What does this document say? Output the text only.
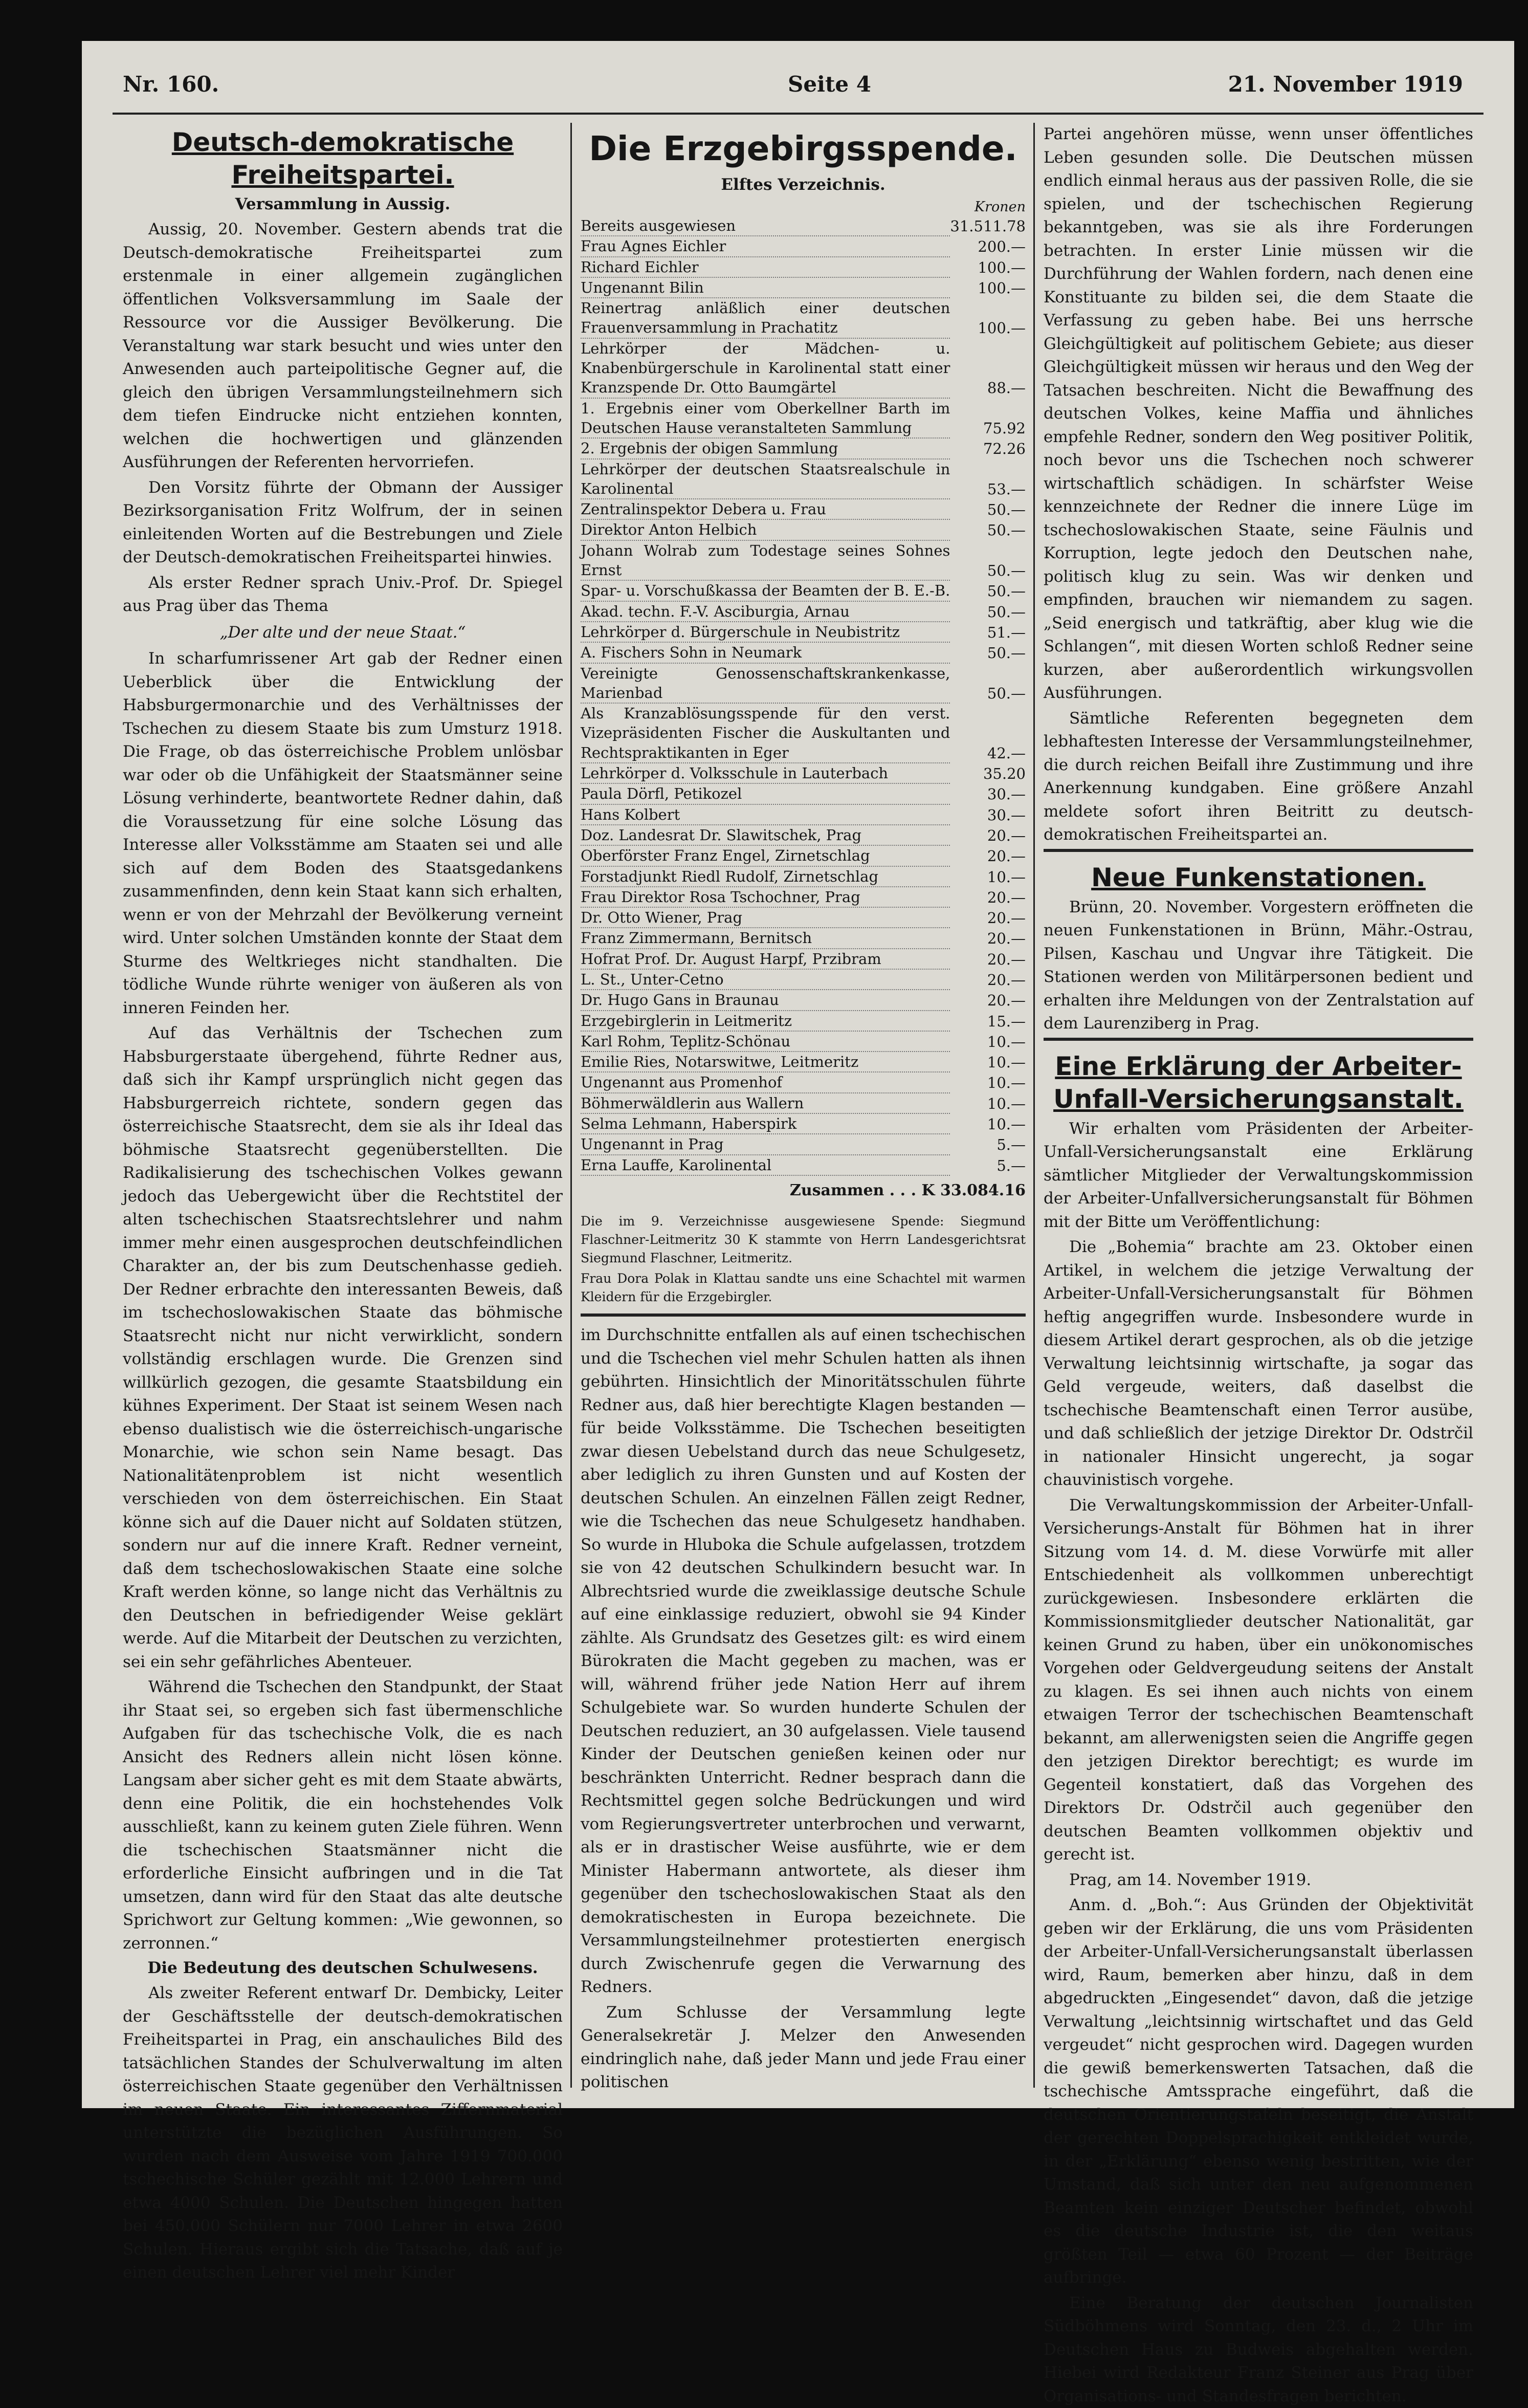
Nr. 160.	Seite 4	21. November 1919
Deutsch-demokratische Freiheitspartei.
Versammlung in Aussig.

Aussig, 20. November. Gestern abends trat die Deutsch-demokratische Freiheitspartei zum erstenmale in einer allgemein zugänglichen öffentlichen Volksversammlung im Saale der Ressource vor die Aussiger Bevölkerung. Die Veranstaltung war stark besucht und wies unter den Anwesenden auch parteipolitische Gegner auf, die gleich den übrigen Versammlungsteilnehmern sich dem tiefen Eindrucke nicht entziehen konnten, welchen die hochwertigen und glänzenden Ausführungen der Referenten hervorriefen.

Den Vorsitz führte der Obmann der Aussiger Bezirksorganisation Fritz Wolfrum, der in seinen einleitenden Worten auf die Bestrebungen und Ziele der Deutsch-demokratischen Freiheitspartei hinwies.

Als erster Redner sprach Univ.-Prof. Dr. Spiegel aus Prag über das Thema

„Der alte und der neue Staat.“

In scharfumrissener Art gab der Redner einen Ueberblick über die Entwicklung der Habsburgermonarchie und des Verhältnisses der Tschechen zu diesem Staate bis zum Umsturz 1918. Die Frage, ob das österreichische Problem unlösbar war oder ob die Unfähigkeit der Staatsmänner seine Lösung verhinderte, beantwortete Redner dahin, daß die Voraussetzung für eine solche Lösung das Interesse aller Volksstämme am Staaten sei und alle sich auf dem Boden des Staatsgedankens zusammenfinden, denn kein Staat kann sich erhalten, wenn er von der Mehrzahl der Bevölkerung verneint wird. Unter solchen Umständen konnte der Staat dem Sturme des Weltkrieges nicht standhalten. Die tödliche Wunde rührte weniger von äußeren als von inneren Feinden her.

Auf das Verhältnis der Tschechen zum Habsburgerstaate übergehend, führte Redner aus, daß sich ihr Kampf ursprünglich nicht gegen das Habsburgerreich richtete, sondern gegen das österreichische Staatsrecht, dem sie als ihr Ideal das böhmische Staatsrecht gegenüberstellten. Die Radikalisierung des tschechischen Volkes gewann jedoch das Uebergewicht über die Rechtstitel der alten tschechischen Staatsrechtslehrer und nahm immer mehr einen ausgesprochen deutschfeindlichen Charakter an, der bis zum Deutschenhasse gedieh. Der Redner erbrachte den interessanten Beweis, daß im tschechoslowakischen Staate das böhmische Staatsrecht nicht nur nicht verwirklicht, sondern vollständig erschlagen wurde. Die Grenzen sind willkürlich gezogen, die gesamte Staatsbildung ein kühnes Experiment. Der Staat ist seinem Wesen nach ebenso dualistisch wie die österreichisch-ungarische Monarchie, wie schon sein Name besagt. Das Nationalitätenproblem ist nicht wesentlich verschieden von dem österreichischen. Ein Staat könne sich auf die Dauer nicht auf Soldaten stützen, sondern nur auf die innere Kraft. Redner verneint, daß dem tschechoslowakischen Staate eine solche Kraft werden könne, so lange nicht das Verhältnis zu den Deutschen in befriedigender Weise geklärt werde. Auf die Mitarbeit der Deutschen zu verzichten, sei ein sehr gefährliches Abenteuer.

Während die Tschechen den Standpunkt, der Staat ihr Staat sei, so ergeben sich fast übermenschliche Aufgaben für das tschechische Volk, die es nach Ansicht des Redners allein nicht lösen könne. Langsam aber sicher geht es mit dem Staate abwärts, denn eine Politik, die ein hochstehendes Volk ausschließt, kann zu keinem guten Ziele führen. Wenn die tschechischen Staatsmänner nicht die erforderliche Einsicht aufbringen und in die Tat umsetzen, dann wird für den Staat das alte deutsche Sprichwort zur Geltung kommen: „Wie gewonnen, so zerronnen.“

Die Bedeutung des deutschen Schulwesens.

Als zweiter Referent entwarf Dr. Dembicky, Leiter der Geschäftsstelle der deutsch-demokratischen Freiheitspartei in Prag, ein anschauliches Bild des tatsächlichen Standes der Schulverwaltung im alten österreichischen Staate gegenüber den Verhältnissen im neuen Staate. Ein interessantes Ziffernmaterial unterstützte die bezüglichen Ausführungen. So wurden nach dem Ausweise vom Jahre 1919 700.000 tschechische Schüler gezählt mit 12.000 Lehrern und etwa 4000 Schulen. Die Deutschen hingegen hatten bei 450.000 Schülern nur 7000 Lehrer in etwa 2600 Schulen. Hieraus ergibt sich die Tatsache, daß auf je einen deutschen Lehrer viel mehr Kinder

Die Erzgebirgsspende.
Elftes Verzeichnis.
Kronen
Bereits ausgewiesen	31.511.78
Frau Agnes Eichler	200.—
Richard Eichler	100.—
Ungenannt Bilin	100.—
Reinertrag anläßlich einer deutschen Frauenversammlung in Prachatitz	100.—
Lehrkörper der Mädchen- u. Knabenbürgerschule in Karolinental statt einer Kranzspende Dr. Otto Baumgärtel	88.—
1. Ergebnis einer vom Oberkellner Barth im Deutschen Hause veranstalteten Sammlung	75.92
2. Ergebnis der obigen Sammlung	72.26
Lehrkörper der deutschen Staatsrealschule in Karolinental	53.—
Zentralinspektor Debera u. Frau	50.—
Direktor Anton Helbich	50.—
Johann Wolrab zum Todestage seines Sohnes Ernst	50.—
Spar- u. Vorschußkassa der Beamten der B. E.-B.	50.—
Akad. techn. F.-V. Asciburgia, Arnau	50.—
Lehrkörper d. Bürgerschule in Neubistritz	51.—
A. Fischers Sohn in Neumark	50.—
Vereinigte Genossenschaftskrankenkasse, Marienbad	50.—
Als Kranzablösungsspende für den verst. Vizepräsidenten Fischer die Auskultanten und Rechtspraktikanten in Eger	42.—
Lehrkörper d. Volksschule in Lauterbach	35.20
Paula Dörfl, Petikozel	30.—
Hans Kolbert	30.—
Doz. Landesrat Dr. Slawitschek, Prag	20.—
Oberförster Franz Engel, Zirnetschlag	20.—
Forstadjunkt Riedl Rudolf, Zirnetschlag	10.—
Frau Direktor Rosa Tschochner, Prag	20.—
Dr. Otto Wiener, Prag	20.—
Franz Zimmermann, Bernitsch	20.—
Hofrat Prof. Dr. August Harpf, Przibram	20.—
L. St., Unter-Cetno	20.—
Dr. Hugo Gans in Braunau	20.—
Erzgebirglerin in Leitmeritz	15.—
Karl Rohm, Teplitz-Schönau	10.—
Emilie Ries, Notarswitwe, Leitmeritz	10.—
Ungenannt aus Promenhof	10.—
Böhmerwäldlerin aus Wallern	10.—
Selma Lehmann, Haberspirk	10.—
Ungenannt in Prag	5.—
Erna Lauffe, Karolinental	5.—
Zusammen . . . K 33.084.16
Die im 9. Verzeichnisse ausgewiesene Spende: Siegmund Flaschner-Leitmeritz 30 K stammte von Herrn Landesgerichtsrat Siegmund Flaschner, Leitmeritz.
Frau Dora Polak in Klattau sandte uns eine Schachtel mit warmen Kleidern für die Erzgebirgler.

im Durchschnitte entfallen als auf einen tschechischen und die Tschechen viel mehr Schulen hatten als ihnen gebührten. Hinsichtlich der Minoritätsschulen führte Redner aus, daß hier berechtigte Klagen bestanden — für beide Volksstämme. Die Tschechen beseitigten zwar diesen Uebelstand durch das neue Schulgesetz, aber lediglich zu ihren Gunsten und auf Kosten der deutschen Schulen. An einzelnen Fällen zeigt Redner, wie die Tschechen das neue Schulgesetz handhaben. So wurde in Hluboka die Schule aufgelassen, trotzdem sie von 42 deutschen Schulkindern besucht war. In Albrechtsried wurde die zweiklassige deutsche Schule auf eine einklassige reduziert, obwohl sie 94 Kinder zählte. Als Grundsatz des Gesetzes gilt: es wird einem Bürokraten die Macht gegeben zu machen, was er will, während früher jede Nation Herr auf ihrem Schulgebiete war. So wurden hunderte Schulen der Deutschen reduziert, an 30 aufgelassen. Viele tausend Kinder der Deutschen genießen keinen oder nur beschränkten Unterricht. Redner besprach dann die Rechtsmittel gegen solche Bedrückungen und wird vom Regierungsvertreter unterbrochen und verwarnt, als er in drastischer Weise ausführte, wie er dem Minister Habermann antwortete, als dieser ihm gegenüber den tschechoslowakischen Staat als den demokratischesten in Europa bezeichnete. Die Versammlungsteilnehmer protestierten energisch durch Zwischenrufe gegen die Verwarnung des Redners.

Zum Schlusse der Versammlung legte Generalsekretär J. Melzer den Anwesenden eindringlich nahe, daß jeder Mann und jede Frau einer politischen

Partei angehören müsse, wenn unser öffentliches Leben gesunden solle. Die Deutschen müssen endlich einmal heraus aus der passiven Rolle, die sie spielen, und der tschechischen Regierung bekanntgeben, was sie als ihre Forderungen betrachten. In erster Linie müssen wir die Durchführung der Wahlen fordern, nach denen eine Konstituante zu bilden sei, die dem Staate die Verfassung zu geben habe. Bei uns herrsche Gleichgültigkeit auf politischem Gebiete; aus dieser Gleichgültigkeit müssen wir heraus und den Weg der Tatsachen beschreiten. Nicht die Bewaffnung des deutschen Volkes, keine Maffia und ähnliches empfehle Redner, sondern den Weg positiver Politik, noch bevor uns die Tschechen noch schwerer wirtschaftlich schädigen. In schärfster Weise kennzeichnete der Redner die innere Lüge im tschechoslowakischen Staate, seine Fäulnis und Korruption, legte jedoch den Deutschen nahe, politisch klug zu sein. Was wir denken und empfinden, brauchen wir niemandem zu sagen. „Seid energisch und tatkräftig, aber klug wie die Schlangen“, mit diesen Worten schloß Redner seine kurzen, aber außerordentlich wirkungsvollen Ausführungen.

Sämtliche Referenten begegneten dem lebhaftesten Interesse der Versammlungsteilnehmer, die durch reichen Beifall ihre Zustimmung und ihre Anerkennung kundgaben. Eine größere Anzahl meldete sofort ihren Beitritt zu deutsch-demokratischen Freiheitspartei an.

Neue Funkenstationen.

Brünn, 20. November. Vorgestern eröffneten die neuen Funkenstationen in Brünn, Mähr.-Ostrau, Pilsen, Kaschau und Ungvar ihre Tätigkeit. Die Stationen werden von Militärpersonen bedient und erhalten ihre Meldungen von der Zentralstation auf dem Laurenziberg in Prag.

Eine Erklärung der Arbeiter-Unfall-Versicherungsanstalt.

Wir erhalten vom Präsidenten der Arbeiter-Unfall-Versicherungsanstalt eine Erklärung sämtlicher Mitglieder der Verwaltungskommission der Arbeiter-Unfallversicherungsanstalt für Böhmen mit der Bitte um Veröffentlichung:

Die „Bohemia“ brachte am 23. Oktober einen Artikel, in welchem die jetzige Verwaltung der Arbeiter-Unfall-Versicherungsanstalt für Böhmen heftig angegriffen wurde. Insbesondere wurde in diesem Artikel derart gesprochen, als ob die jetzige Verwaltung leichtsinnig wirtschafte, ja sogar das Geld vergeude, weiters, daß daselbst die tschechische Beamtenschaft einen Terror ausübe, und daß schließlich der jetzige Direktor Dr. Odstrčil in nationaler Hinsicht ungerecht, ja sogar chauvinistisch vorgehe.

Die Verwaltungskommission der Arbeiter-Unfall-Versicherungs-Anstalt für Böhmen hat in ihrer Sitzung vom 14. d. M. diese Vorwürfe mit aller Entschiedenheit als vollkommen unberechtigt zurückgewiesen. Insbesondere erklärten die Kommissionsmitglieder deutscher Nationalität, gar keinen Grund zu haben, über ein unökonomisches Vorgehen oder Geldvergeudung seitens der Anstalt zu klagen. Es sei ihnen auch nichts von einem etwaigen Terror der tschechischen Beamtenschaft bekannt, am allerwenigsten seien die Angriffe gegen den jetzigen Direktor berechtigt; es wurde im Gegenteil konstatiert, daß das Vorgehen des Direktors Dr. Odstrčil auch gegenüber den deutschen Beamten vollkommen objektiv und gerecht ist.

Prag, am 14. November 1919.

Anm. d. „Boh.“: Aus Gründen der Objektivität geben wir der Erklärung, die uns vom Präsidenten der Arbeiter-Unfall-Versicherungsanstalt überlassen wird, Raum, bemerken aber hinzu, daß in dem abgedruckten „Eingesendet“ davon, daß die jetzige Verwaltung „leichtsinnig wirtschaftet und das Geld vergeudet“ nicht gesprochen wird. Dagegen wurden die gewiß bemerkenswerten Tatsachen, daß die tschechische Amtssprache eingeführt, daß die deutschen Orientierungstafeln beseitigt, die Anstalt der gerechten Doppelsprachigkeit entkleidet wurde, in der „Erklärung“ ebenso wenig bestritten, wie der Umstand, daß sich unter den neu aufgenommenen Beamten kein einziger Deutscher befindet, obwohl es die deutsche Industrie ist, die den weitaus größten Teil — etwa 60 Prozent — der Beiträge aufbringe.

Eine Beratung der deutschen Journalisten Südböhmens wird Sonntag, den 23. d., 2 Uhr im Deutschen Haus zu Budweis abgehalten werden. Hiebei wird Redakteur Franz Steiner aus Prag über Organisations- und Standesfragen berichten.
